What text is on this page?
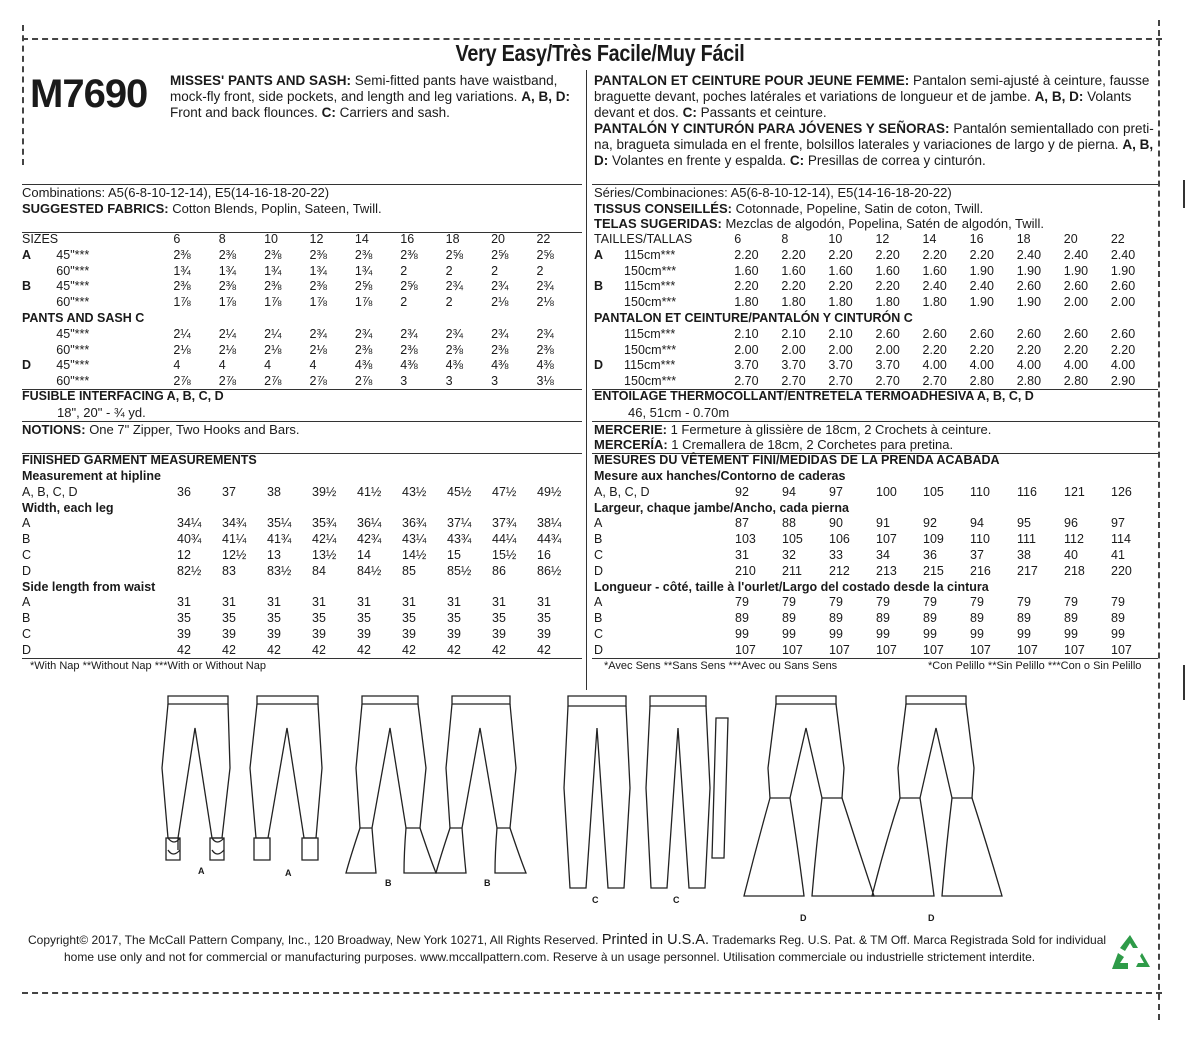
Very Easy/Très Facile/Muy Fácil
M7690 MISSES' PANTS AND SASH: Semi-fitted pants have waistband,
mock-fly front, side pockets, and length and leg variations. A, B, D:
Front and back flounces. C: Carriers and sash.
PANTALON ET CEINTURE POUR JEUNE FEMME: Pantalon semi-ajusté à ceinture, fausse
braguette devant, poches latérales et variations de longueur et de jambe. A, B, D: Volants
devant et dos. C: Passants et ceinture.
PANTALÓN Y CINTURÓN PARA JÓVENES Y SEÑORAS: Pantalón semientallado con preti-
na, bragueta simulada en el frente, bolsillos laterales y variaciones de largo y de pierna. A, B,
D: Volantes en frente y espalda. C: Presillas de correa y cinturón.
Combinations: A5(6-8-10-12-14), E5(14-16-18-20-22)
SUGGESTED FABRICS: Cotton Blends, Poplin, Sateen, Twill.
Séries/Combinaciones: A5(6-8-10-12-14), E5(14-16-18-20-22)
TISSUS CONSEILLÉS: Cotonnade, Popeline, Satin de coton, Twill.
TELAS SUGERIDAS: Mezclas de algodón, Popelina, Satén de algodón, Twill.
SIZES		6	8	10	12	14	16	18	20	22
A	45"***	2⅜	2⅜	2⅜	2⅜	2⅜	2⅜	2⅝	2⅝	2⅝
	60"***	1¾	1¾	1¾	1¾	1¾	2	2	2	2
B	45"***	2⅜	2⅜	2⅜	2⅜	2⅝	2⅝	2¾	2¾	2¾
	60"***	1⅞	1⅞	1⅞	1⅞	1⅞	2	2	2⅛	2⅛
PANTS AND SASH C										
	45"***	2¼	2¼	2¼	2¾	2¾	2¾	2¾	2¾	2¾
	60"***	2⅛	2⅛	2⅛	2⅛	2⅜	2⅜	2⅜	2⅜	2⅜
D	45"***	4	4	4	4	4⅜	4⅜	4⅜	4⅜	4⅜
	60"***	2⅞	2⅞	2⅞	2⅞	2⅞	3	3	3	3⅛
FUSIBLE INTERFACING A, B, C, D
18", 20" - ¾ yd.
NOTIONS: One 7" Zipper, Two Hooks and Bars.
FINISHED GARMENT MEASUREMENTS
Measurement at hipline									
A, B, C, D	36	37	38	39½	41½	43½	45½	47½	49½
Width, each leg									
A	34¼	34¾	35¼	35¾	36¼	36¾	37¼	37¾	38¼
B	40¾	41¼	41¾	42¼	42¾	43¼	43¾	44¼	44¾
C	12	12½	13	13½	14	14½	15	15½	16
D	82½	83	83½	84	84½	85	85½	86	86½
Side length from waist									
A	31	31	31	31	31	31	31	31	31
B	35	35	35	35	35	35	35	35	35
C	39	39	39	39	39	39	39	39	39
D	42	42	42	42	42	42	42	42	42
*With Nap **Without Nap ***With or Without Nap
TAILLES/TALLAS		6	8	10	12	14	16	18	20	22
A	115cm***	2.20	2.20	2.20	2.20	2.20	2.20	2.40	2.40	2.40
	150cm***	1.60	1.60	1.60	1.60	1.60	1.90	1.90	1.90	1.90
B	115cm***	2.20	2.20	2.20	2.20	2.40	2.40	2.60	2.60	2.60
	150cm***	1.80	1.80	1.80	1.80	1.80	1.90	1.90	2.00	2.00
PANTALON ET CEINTURE/PANTALÓN Y CINTURÓN C										
	115cm***	2.10	2.10	2.10	2.60	2.60	2.60	2.60	2.60	2.60
	150cm***	2.00	2.00	2.00	2.00	2.20	2.20	2.20	2.20	2.20
D	115cm***	3.70	3.70	3.70	3.70	4.00	4.00	4.00	4.00	4.00
	150cm***	2.70	2.70	2.70	2.70	2.70	2.80	2.80	2.80	2.90
ENTOILAGE THERMOCOLLANT/ENTRETELA TERMOADHESIVA A, B, C, D
46, 51cm - 0.70m
MERCERIE: 1 Fermeture à glissière de 18cm, 2 Crochets à ceinture.
MERCERÍA: 1 Cremallera de 18cm, 2 Corchetes para pretina.
MESURES DU VÊTEMENT FINI/MEDIDAS DE LA PRENDA ACABADA
Mesure aux hanches/Contorno de caderas									
A, B, C, D	92	94	97	100	105	110	116	121	126
Largeur, chaque jambe/Ancho, cada pierna									
A	87	88	90	91	92	94	95	96	97
B	103	105	106	107	109	110	111	112	114
C	31	32	33	34	36	37	38	40	41
D	210	211	212	213	215	216	217	218	220
Longueur - côté, taille à l'ourlet/Largo del costado desde la cintura									
A	79	79	79	79	79	79	79	79	79
B	89	89	89	89	89	89	89	89	89
C	99	99	99	99	99	99	99	99	99
D	107	107	107	107	107	107	107	107	107
*Avec Sens **Sans Sens ***Avec ou Sans Sens	*Con Pelillo **Sin Pelillo ***Con o Sin Pelillo
A	A
B	B
C	C
D	D
Copyright© 2017, The McCall Pattern Company, Inc., 120 Broadway, New York 10271, All Rights Reserved. Printed in U.S.A. Trademarks Reg. U.S. Pat. & TM Off. Marca Registrada Sold for individual
home use only and not for commercial or manufacturing purposes. www.mccallpattern.com. Reserve à un usage personnel. Utilisation commerciale ou industrielle strictement interdite.
